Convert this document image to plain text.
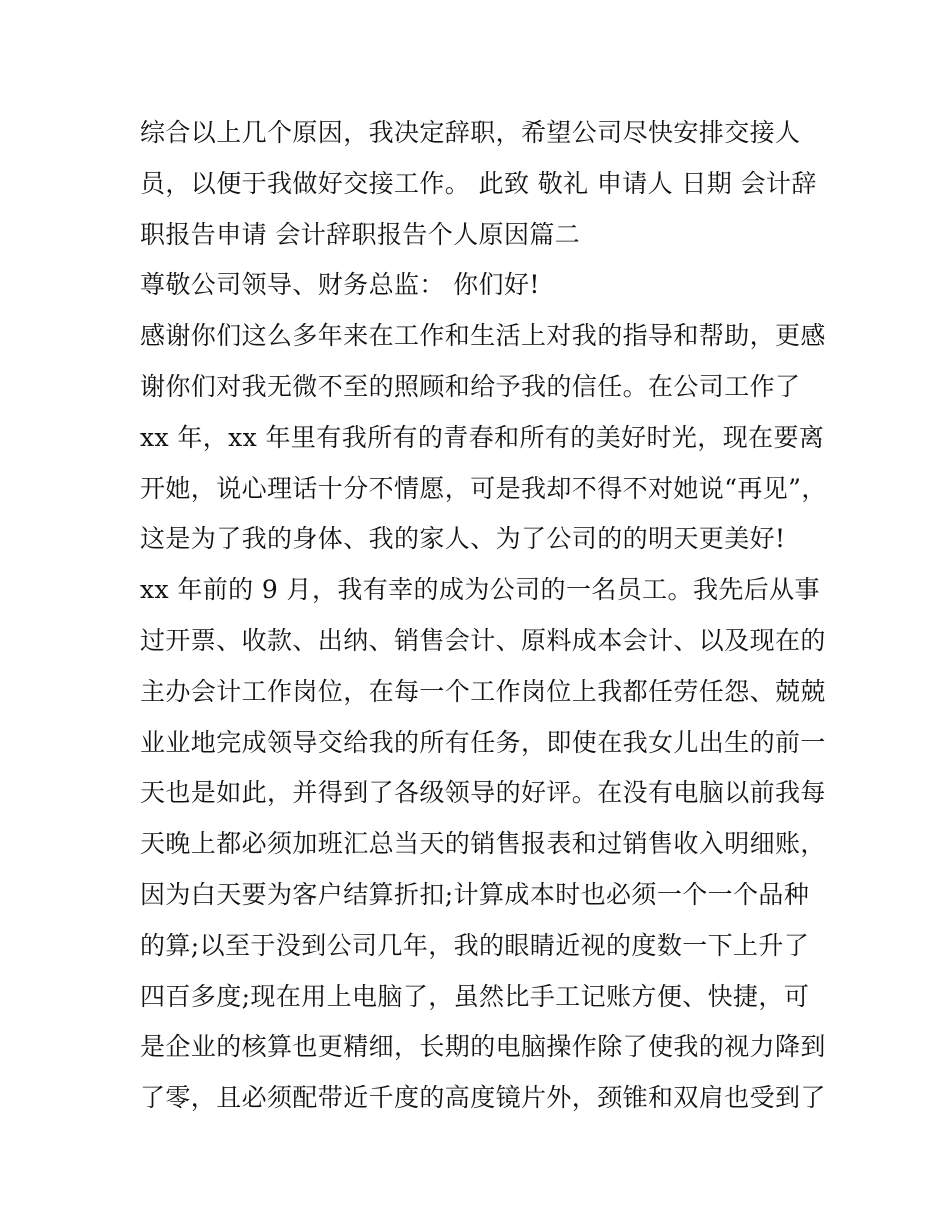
综合以上几个原因，我决定辞职，希望公司尽快安排交接人
员，以便于我做好交接工作。 此致 敬礼 申请人 日期 会计辞
职报告申请 会计辞职报告个人原因篇二
尊敬公司领导、财务总监： 你们好!
感谢你们这么多年来在工作和生活上对我的指导和帮助，更感
谢你们对我无微不至的照顾和给予我的信任。在公司工作了
xx 年，xx 年里有我所有的青春和所有的美好时光，现在要离
开她，说心理话十分不情愿，可是我却不得不对她说“再见”，
这是为了我的身体、我的家人、为了公司的的明天更美好!
xx 年前的 9 月，我有幸的成为公司的一名员工。我先后从事
过开票、收款、出纳、销售会计、原料成本会计、以及现在的
主办会计工作岗位，在每一个工作岗位上我都任劳任怨、兢兢
业业地完成领导交给我的所有任务，即使在我女儿出生的前一
天也是如此，并得到了各级领导的好评。在没有电脑以前我每
天晚上都必须加班汇总当天的销售报表和过销售收入明细账，
因为白天要为客户结算折扣;计算成本时也必须一个一个品种
的算;以至于没到公司几年，我的眼睛近视的度数一下上升了
四百多度;现在用上电脑了，虽然比手工记账方便、快捷，可
是企业的核算也更精细，长期的电脑操作除了使我的视力降到
了零，且必须配带近千度的高度镜片外，颈锥和双肩也受到了
